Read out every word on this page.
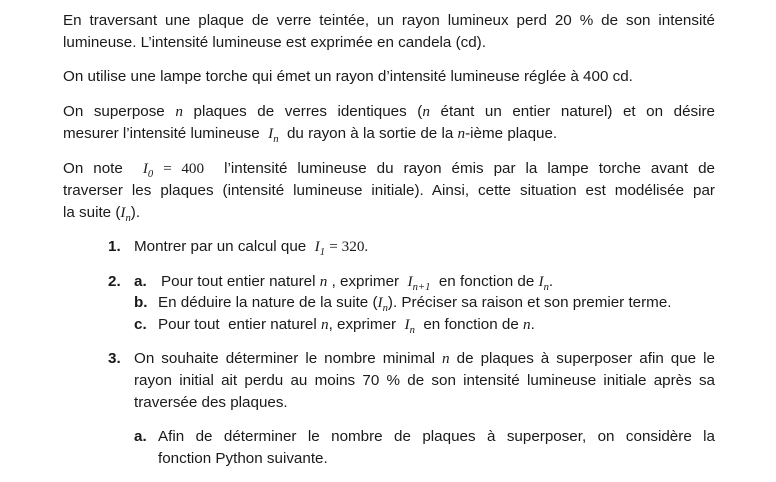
En traversant une plaque de verre teintée, un rayon lumineux perd 20 % de son intensité
lumineuse. L’intensité lumineuse est exprimée en candela (cd).
On utilise une lampe torche qui émet un rayon d’intensité lumineuse réglée à 400 cd.
On superpose n plaques de verres identiques (n étant un entier naturel) et on désire
mesurer l’intensité lumineuse $I_n$ du rayon à la sortie de la n-ième plaque.
On note $I_0 = 400$ l’intensité lumineuse du rayon émis par la lampe torche avant de
traverser les plaques (intensité lumineuse initiale). Ainsi, cette situation est modélisée par
la suite $(I_n)$.
1. Montrer par un calcul que $I_1 = 320$.
2. a. Pour tout entier naturel n , exprimer $I_{n+1}$ en fonction de $I_n$.
b. En déduire la nature de la suite $(I_n)$. Préciser sa raison et son premier terme.
c. Pour tout  entier naturel n, exprimer $I_n$ en fonction de n.
3. On souhaite déterminer le nombre minimal n de plaques à superposer afin que le
rayon initial ait perdu au moins 70 % de son intensité lumineuse initiale après sa
traversée des plaques.
a. Afin de déterminer le nombre de plaques à superposer, on considère la
fonction Python suivante.
